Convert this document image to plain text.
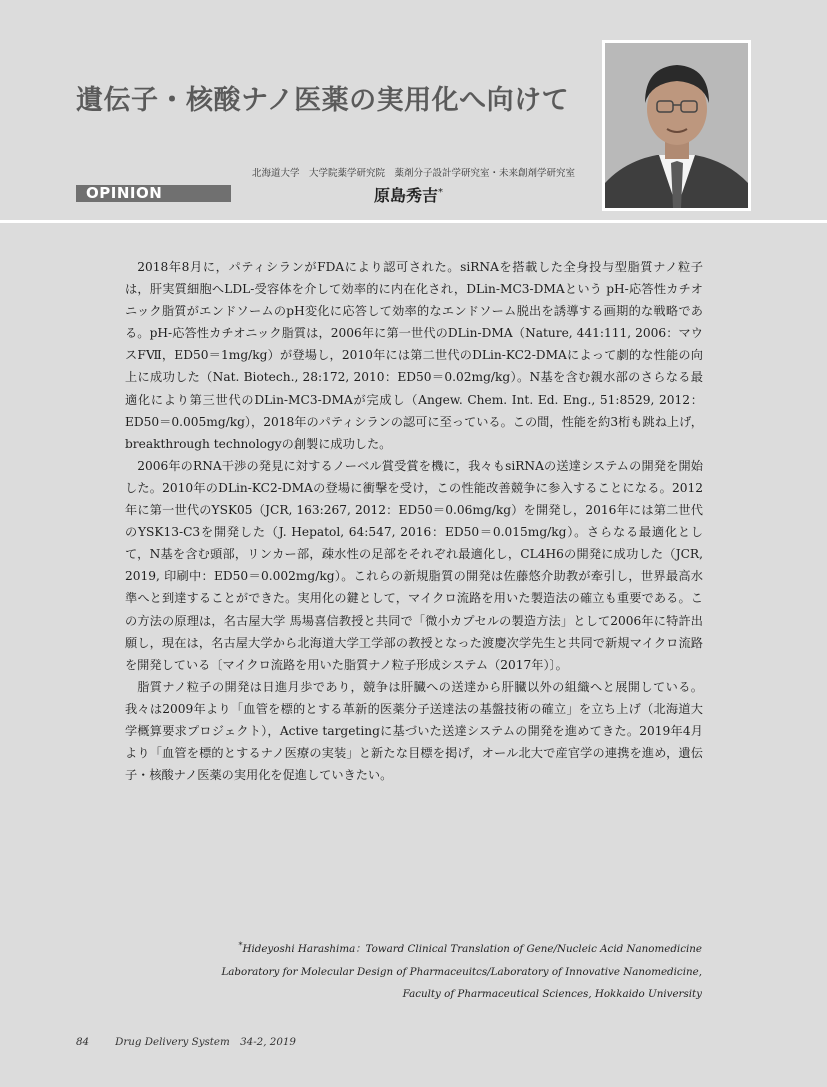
遺伝子・核酸ナノ医薬の実用化へ向けて
北海道大学　大学院薬学研究院　薬剤分子設計学研究室・未来創剤学研究室
OPINION	原島秀吉*

2018年8月に，パティシランがFDAにより認可された。siRNAを搭載した全身投与型脂質ナノ粒子は，肝実質細胞へLDL-受容体を介して効率的に内在化され，DLin-MC3-DMAという pH-応答性カチオニック脂質がエンドソームのpH変化に応答して効率的なエンドソーム脱出を誘導する画期的な戦略である。pH-応答性カチオニック脂質は，2006年に第一世代のDLin-DMA（Nature, 441:111, 2006：マウスFⅦ，ED50＝1mg/kg）が登場し，2010年には第二世代のDLin-KC2-DMAによって劇的な性能の向上に成功した（Nat. Biotech., 28:172, 2010：ED50＝0.02mg/kg）。N基を含む親水部のさらなる最適化により第三世代のDLin-MC3-DMAが完成し（Angew. Chem. Int. Ed. Eng., 51:8529, 2012：ED50＝0.005mg/kg），2018年のパティシランの認可に至っている。この間，性能を約3桁も跳ね上げ，breakthrough technologyの創製に成功した。

2006年のRNA干渉の発見に対するノーベル賞受賞を機に，我々もsiRNAの送達システムの開発を開始した。2010年のDLin-KC2-DMAの登場に衝撃を受け，この性能改善競争に参入することになる。2012年に第一世代のYSK05（JCR, 163:267, 2012：ED50＝0.06mg/kg）を開発し，2016年には第二世代のYSK13-C3を開発した（J. Hepatol, 64:547, 2016：ED50＝0.015mg/kg）。さらなる最適化として，N基を含む頭部，リンカー部，疎水性の足部をそれぞれ最適化し，CL4H6の開発に成功した（JCR, 2019, 印刷中：ED50＝0.002mg/kg）。これらの新規脂質の開発は佐藤悠介助教が牽引し，世界最高水準へと到達することができた。実用化の鍵として，マイクロ流路を用いた製造法の確立も重要である。この方法の原理は，名古屋大学 馬場喜信教授と共同で「微小カプセルの製造方法」として2006年に特許出願し，現在は，名古屋大学から北海道大学工学部の教授となった渡慶次学先生と共同で新規マイクロ流路を開発している〔マイクロ流路を用いた脂質ナノ粒子形成システム（2017年）〕。

脂質ナノ粒子の開発は日進月歩であり，競争は肝臓への送達から肝臓以外の組織へと展開している。我々は2009年より「血管を標的とする革新的医薬分子送達法の基盤技術の確立」を立ち上げ（北海道大学概算要求プロジェクト），Active targetingに基づいた送達システムの開発を進めてきた。2019年4月より「血管を標的とするナノ医療の実装」と新たな目標を掲げ，オール北大で産官学の連携を進め，遺伝子・核酸ナノ医薬の実用化を促進していきたい。

*Hideyoshi Harashima：Toward Clinical Translation of Gene/Nucleic Acid Nanomedicine
Laboratory for Molecular Design of Pharmaceuitcs/Laboratory of Innovative Nanomedicine,
Faculty of Pharmaceutical Sciences, Hokkaido University
84	Drug Delivery System　34-2, 2019
